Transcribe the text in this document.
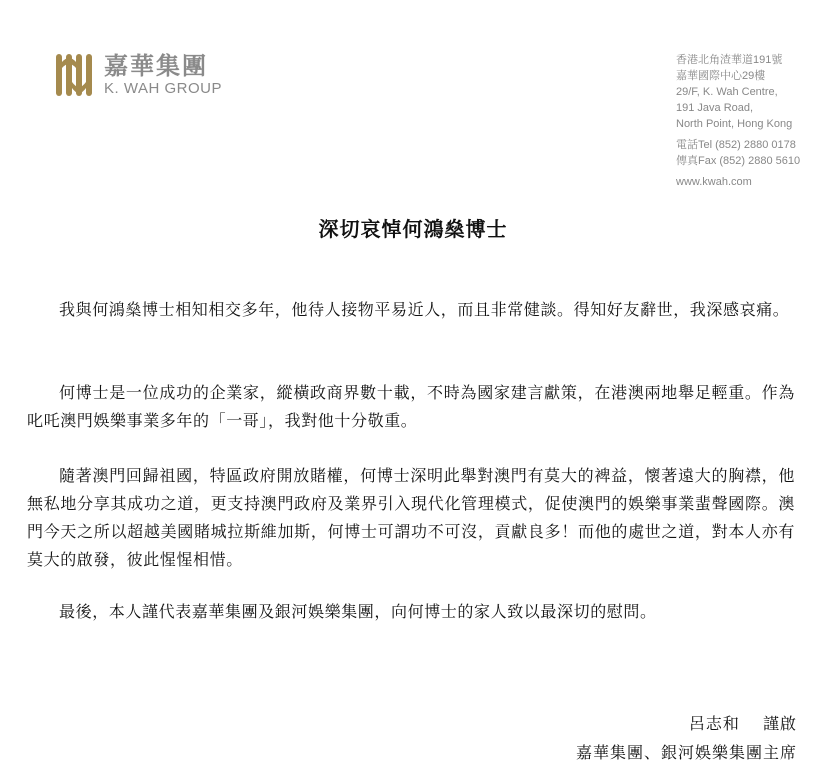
嘉華集團
K. WAH GROUP
香港北角渣華道191號
嘉華國際中心29樓
29/F, K. Wah Centre,
191 Java Road,
North Point, Hong Kong
電話Tel (852) 2880 0178
傳真Fax (852) 2880 5610
www.kwah.com
深切哀悼何鴻燊博士

我與何鴻燊博士相知相交多年，他待人接物平易近人，而且非常健談。得知好友辭世，我深感哀痛。

何博士是一位成功的企業家，縱橫政商界數十載，不時為國家建言獻策，在港澳兩地舉足輕重。作為叱吒澳門娛樂事業多年的「一哥」，我對他十分敬重。

隨著澳門回歸祖國，特區政府開放賭權，何博士深明此舉對澳門有莫大的裨益，懷著遠大的胸襟，他無私地分享其成功之道，更支持澳門政府及業界引入現代化管理模式，促使澳門的娛樂事業蜚聲國際。澳門今天之所以超越美國賭城拉斯維加斯，何博士可謂功不可沒，貢獻良多！而他的處世之道，對本人亦有莫大的啟發，彼此惺惺相惜。

最後，本人謹代表嘉華集團及銀河娛樂集團，向何博士的家人致以最深切的慰問。

呂志和　 謹啟
嘉華集團、銀河娛樂集團主席
